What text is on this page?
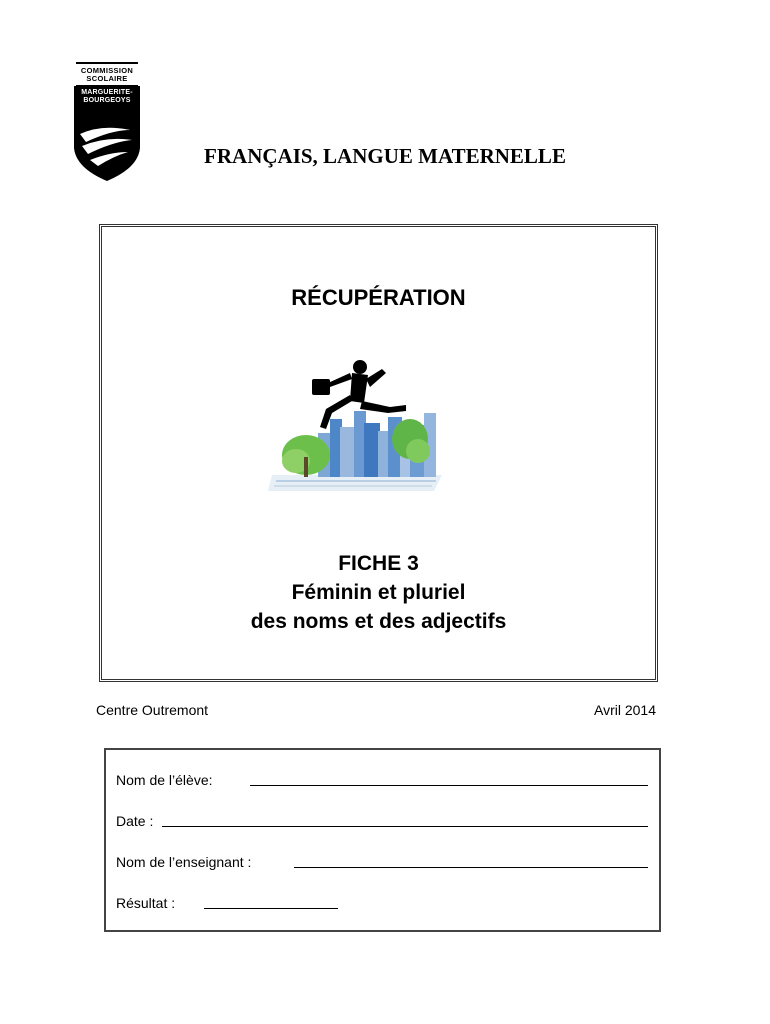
COMMISSION
SCOLAIRE
MARGUERITE-
BOURGEOYS
FRANÇAIS, LANGUE MATERNELLE
RÉCUPÉRATION
FICHE 3
Féminin et pluriel
des noms et des adjectifs
Centre Outremont	Avril 2014
Nom de l’élève:
Date :
Nom de l’enseignant :
Résultat :
